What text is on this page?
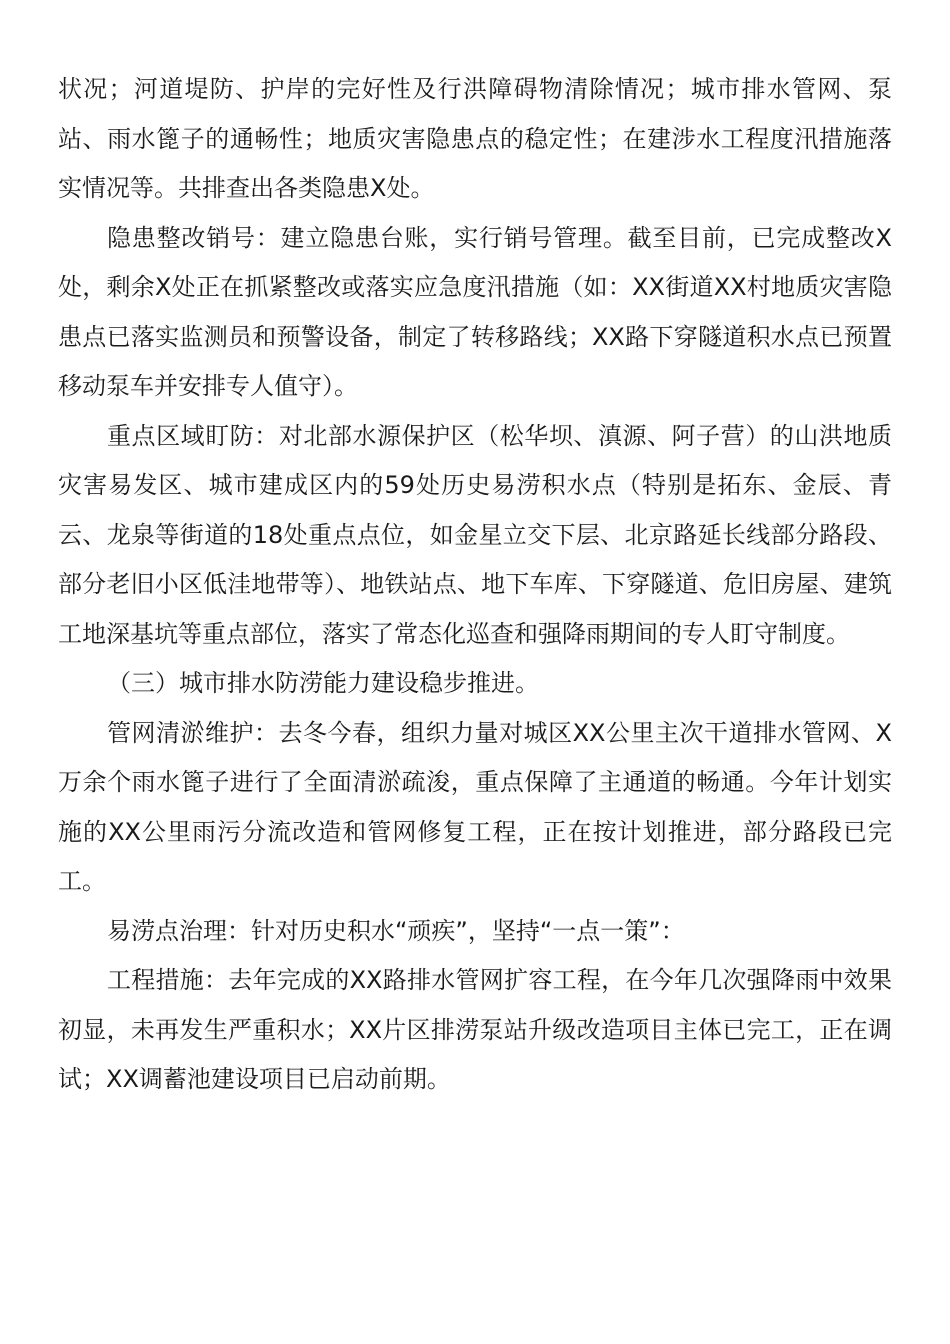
状况；河道堤防、护岸的完好性及行洪障碍物清除情况；城市排水管网、泵站、雨水篦子的通畅性；地质灾害隐患点的稳定性；在建涉水工程度汛措施落实情况等。共排查出各类隐患X处。

隐患整改销号：建立隐患台账，实行销号管理。截至目前，已完成整改X处，剩余X处正在抓紧整改或落实应急度汛措施（如：XX街道XX村地质灾害隐患点已落实监测员和预警设备，制定了转移路线；XX路下穿隧道积水点已预置移动泵车并安排专人值守）。

重点区域盯防：对北部水源保护区（松华坝、滇源、阿子营）的山洪地质灾害易发区、城市建成区内的59处历史易涝积水点（特别是拓东、金辰、青云、龙泉等街道的18处重点点位，如金星立交下层、北京路延长线部分路段、部分老旧小区低洼地带等）、地铁站点、地下车库、下穿隧道、危旧房屋、建筑工地深基坑等重点部位，落实了常态化巡查和强降雨期间的专人盯守制度。

（三）城市排水防涝能力建设稳步推进。

管网清淤维护：去冬今春，组织力量对城区XX公里主次干道排水管网、X万余个雨水篦子进行了全面清淤疏浚，重点保障了主通道的畅通。今年计划实施的XX公里雨污分流改造和管网修复工程，正在按计划推进，部分路段已完工。

易涝点治理：针对历史积水“顽疾”，坚持“一点一策”：

工程措施：去年完成的XX路排水管网扩容工程，在今年几次强降雨中效果初显，未再发生严重积水；XX片区排涝泵站升级改造项目主体已完工，正在调试；XX调蓄池建设项目已启动前期。
